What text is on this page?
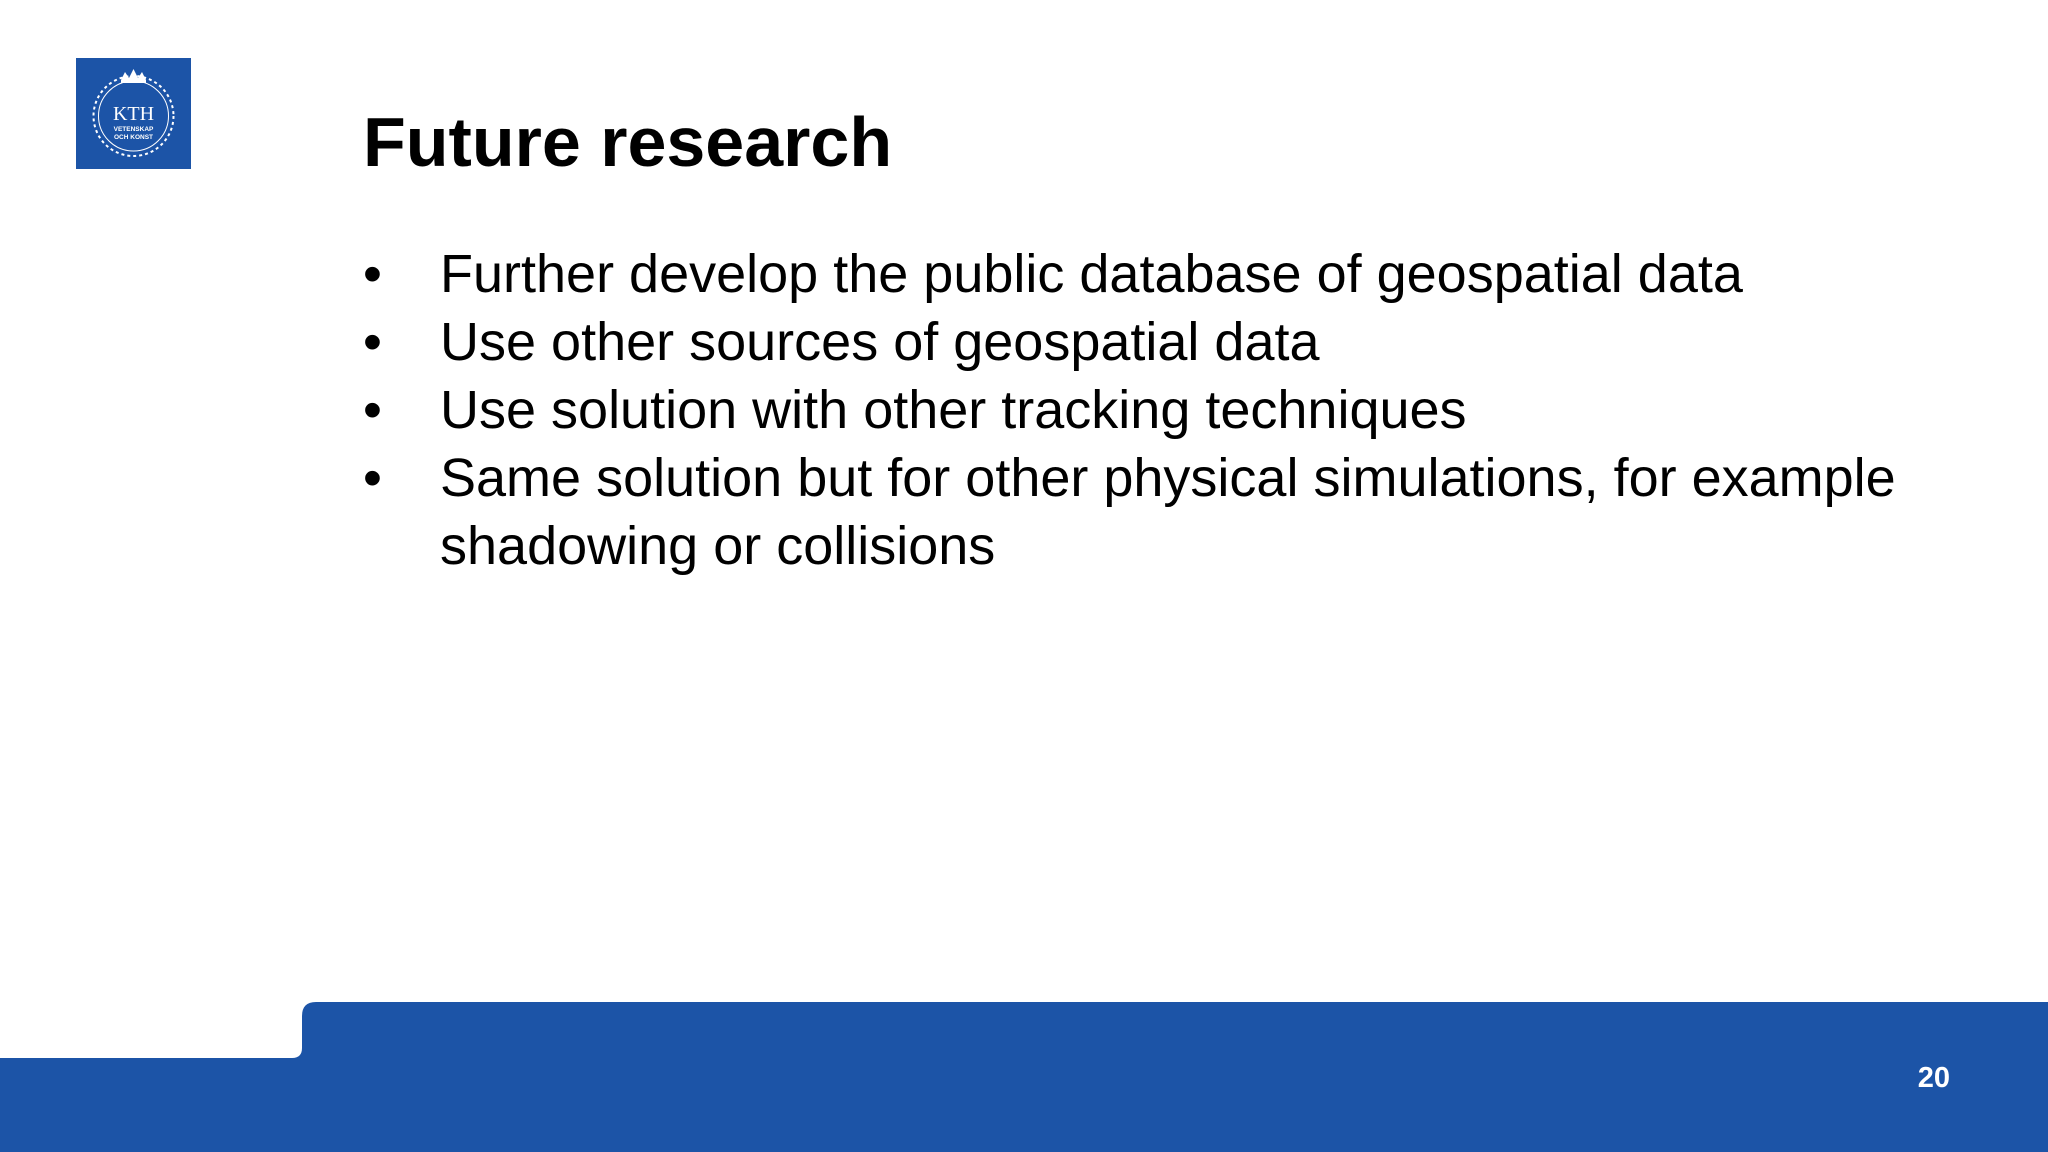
KTH
VETENSKAP
OCH KONST	Future research
•	Further develop the public database of geospatial data
•	Use other sources of geospatial data
•	Use solution with other tracking techniques
•	Same solution but for other physical simulations, for example shadowing or collisions
20
